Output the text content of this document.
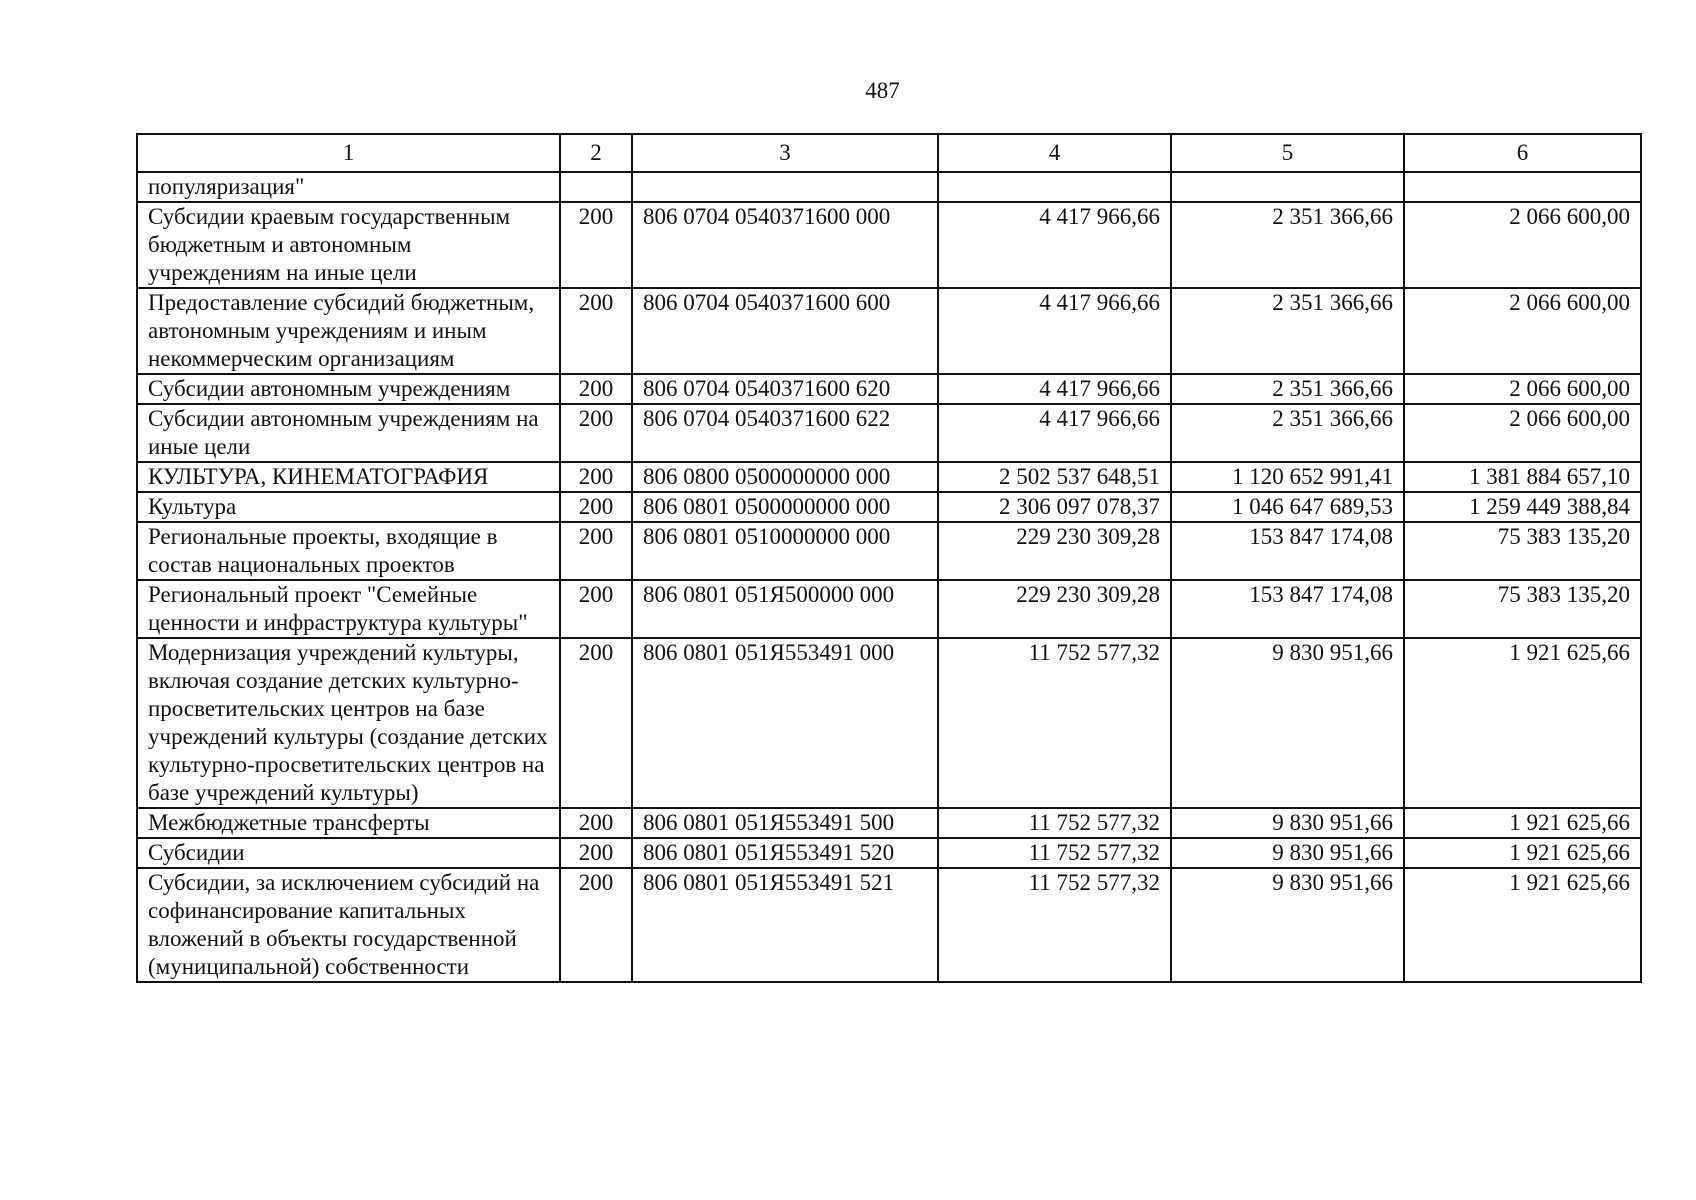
487
1	2	3	4	5	6
популяризация"					
Субсидии краевым государственным бюджетным и автономным учреждениям на иные цели	200	806 0704 0540371600 000	4 417 966,66	2 351 366,66	2 066 600,00
Предоставление субсидий бюджетным, автономным учреждениям и иным некоммерческим организациям	200	806 0704 0540371600 600	4 417 966,66	2 351 366,66	2 066 600,00
Субсидии автономным учреждениям	200	806 0704 0540371600 620	4 417 966,66	2 351 366,66	2 066 600,00
Субсидии автономным учреждениям на иные цели	200	806 0704 0540371600 622	4 417 966,66	2 351 366,66	2 066 600,00
КУЛЬТУРА, КИНЕМАТОГРАФИЯ	200	806 0800 0500000000 000	2 502 537 648,51	1 120 652 991,41	1 381 884 657,10
Культура	200	806 0801 0500000000 000	2 306 097 078,37	1 046 647 689,53	1 259 449 388,84
Региональные проекты, входящие в состав национальных проектов	200	806 0801 0510000000 000	229 230 309,28	153 847 174,08	75 383 135,20
Региональный проект "Семейные ценности и инфраструктура культуры"	200	806 0801 051Я500000 000	229 230 309,28	153 847 174,08	75 383 135,20
Модернизация учреждений культуры, включая создание детских культурно-просветительских центров на базе учреждений культуры (создание детских культурно-просветительских центров на базе учреждений культуры)	200	806 0801 051Я553491 000	11 752 577,32	9 830 951,66	1 921 625,66
Межбюджетные трансферты	200	806 0801 051Я553491 500	11 752 577,32	9 830 951,66	1 921 625,66
Субсидии	200	806 0801 051Я553491 520	11 752 577,32	9 830 951,66	1 921 625,66
Субсидии, за исключением субсидий на софинансирование капитальных вложений в объекты государственной (муниципальной) собственности	200	806 0801 051Я553491 521	11 752 577,32	9 830 951,66	1 921 625,66
